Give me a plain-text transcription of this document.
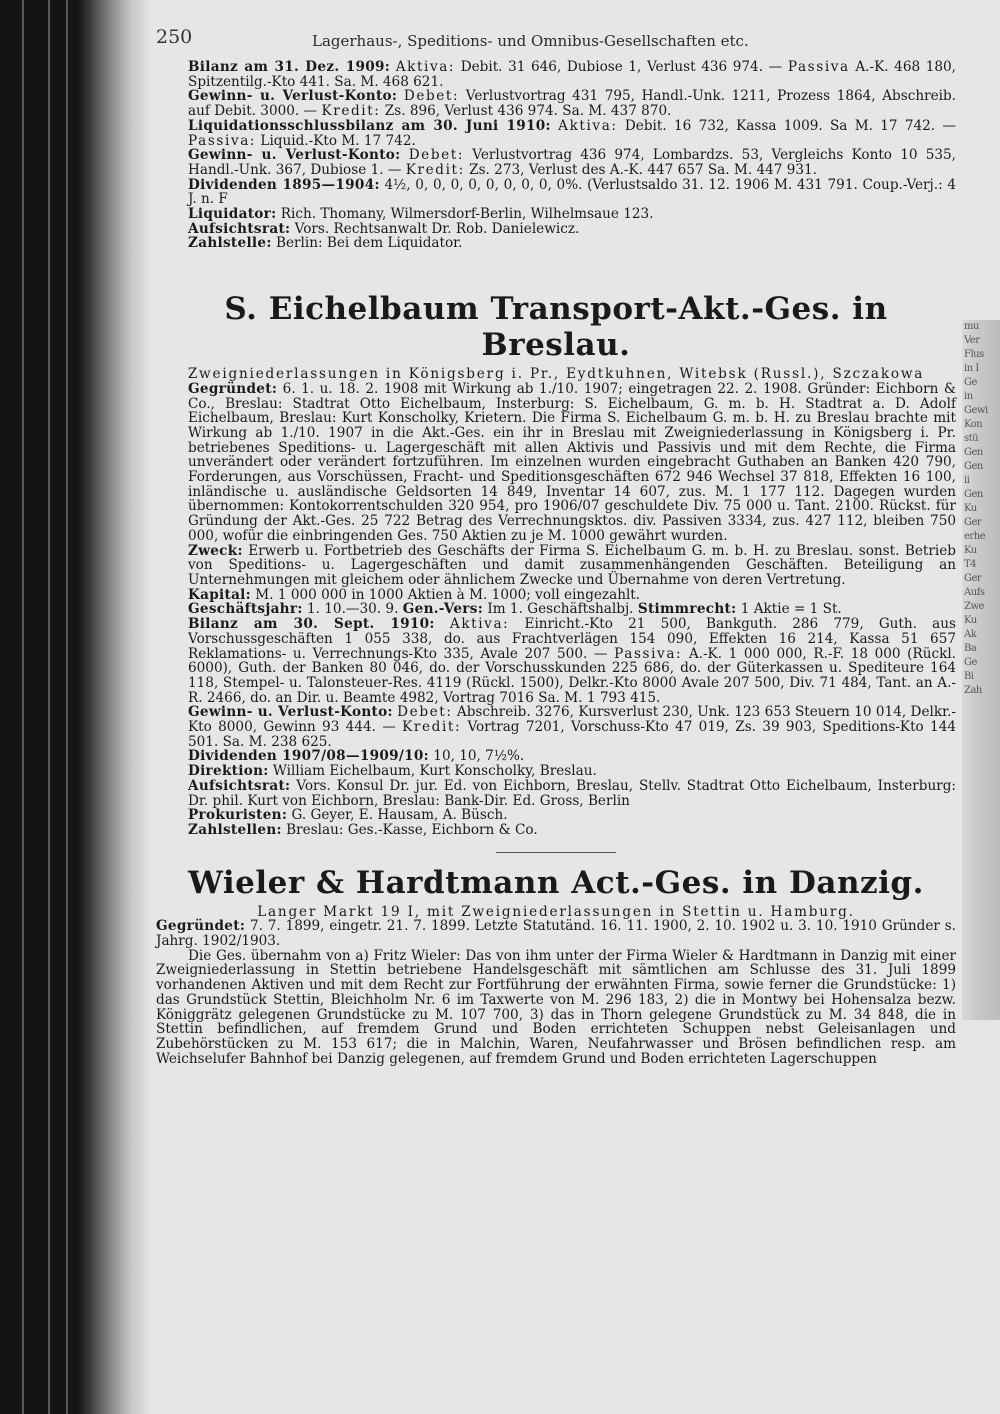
mu
Ver
Flus
in I
Ge
in
Gewi
Kon
stü
Gen
Gen
ii
Gen
Ku
Ger
erhe
Ku
T4
Ger
Aufs
Zwe
Ku
Ak
Ba
Ge
Bi
Zah
250	Lagerhaus-, Speditions- und Omnibus-Gesellschaften etc.

Bilanz am 31. Dez. 1909: Aktiva: Debit. 31 646, Dubiose 1, Verlust 436 974. — Passiva A.-K. 468 180, Spitzentilg.-Kto 441. Sa. M. 468 621.

Gewinn- u. Verlust-Konto: Debet: Verlustvortrag 431 795, Handl.-Unk. 1211, Prozess 1864, Abschreib. auf Debit. 3000. — Kredit: Zs. 896, Verlust 436 974. Sa. M. 437 870.

Liquidationsschlussbilanz am 30. Juni 1910: Aktiva: Debit. 16 732, Kassa 1009. Sa M. 17 742. — Passiva: Liquid.-Kto M. 17 742.

Gewinn- u. Verlust-Konto: Debet: Verlustvortrag 436 974, Lombardzs. 53, Vergleichs Konto 10 535, Handl.-Unk. 367, Dubiose 1. — Kredit: Zs. 273, Verlust des A.-K. 447 657 Sa. M. 447 931.

Dividenden 1895—1904: 4½, 0, 0, 0, 0, 0, 0, 0, 0, 0%. (Verlustsaldo 31. 12. 1906 M. 431 791. Coup.-Verj.: 4 J. n. F

Liquidator: Rich. Thomany, Wilmersdorf-Berlin, Wilhelmsaue 123.

Aufsichtsrat: Vors. Rechtsanwalt Dr. Rob. Danielewicz.

Zahlstelle: Berlin: Bei dem Liquidator.

S. Eichelbaum Transport-Akt.-Ges. in Breslau.

Zweigniederlassungen in Königsberg i. Pr., Eydtkuhnen, Witebsk (Russl.), Szczakowa

Gegründet: 6. 1. u. 18. 2. 1908 mit Wirkung ab 1./10. 1907; eingetragen 22. 2. 1908. Gründer: Eichborn & Co., Breslau: Stadtrat Otto Eichelbaum, Insterburg: S. Eichelbaum, G. m. b. H. Stadtrat a. D. Adolf Eichelbaum, Breslau: Kurt Konscholky, Krietern. Die Firma S. Eichelbaum G. m. b. H. zu Breslau brachte mit Wirkung ab 1./10. 1907 in die Akt.-Ges. ein ihr in Breslau mit Zweigniederlassung in Königsberg i. Pr. betriebenes Speditions- u. Lagergeschäft mit allen Aktivis und Passivis und mit dem Rechte, die Firma unverändert oder verändert fortzuführen. Im einzelnen wurden eingebracht Guthaben an Banken 420 790, Forderungen, aus Vorschüssen, Fracht- und Speditionsgeschäften 672 946 Wechsel 37 818, Effekten 16 100, inländische u. ausländische Geldsorten 14 849, Inventar 14 607, zus. M. 1 177 112. Dagegen wurden übernommen: Kontokorrentschulden 320 954, pro 1906/07 geschuldete Div. 75 000 u. Tant. 2100. Rückst. für Gründung der Akt.-Ges. 25 722 Betrag des Verrechnungsktos. div. Passiven 3334, zus. 427 112, bleiben 750 000, wofür die einbringenden Ges. 750 Aktien zu je M. 1000 gewährt wurden.

Zweck: Erwerb u. Fortbetrieb des Geschäfts der Firma S. Eichelbaum G. m. b. H. zu Breslau. sonst. Betrieb von Speditions- u. Lagergeschäften und damit zusammenhängenden Geschäften. Beteiligung an Unternehmungen mit gleichem oder ähnlichem Zwecke und Übernahme von deren Vertretung.

Kapital: M. 1 000 000 in 1000 Aktien à M. 1000; voll eingezahlt.

Geschäftsjahr: 1. 10.—30. 9. Gen.-Vers: Im 1. Geschäftshalbj. Stimmrecht: 1 Aktie = 1 St.

Bilanz am 30. Sept. 1910: Aktiva: Einricht.-Kto 21 500, Bankguth. 286 779, Guth. aus Vorschussgeschäften 1 055 338, do. aus Frachtverlägen 154 090, Effekten 16 214, Kassa 51 657 Reklamations- u. Verrechnungs-Kto 335, Avale 207 500. — Passiva: A.-K. 1 000 000, R.-F. 18 000 (Rückl. 6000), Guth. der Banken 80 046, do. der Vorschusskunden 225 686, do. der Güterkassen u. Spediteure 164 118, Stempel- u. Talonsteuer-Res. 4119 (Rückl. 1500), Delkr.-Kto 8000 Avale 207 500, Div. 71 484, Tant. an A.-R. 2466, do. an Dir. u. Beamte 4982, Vortrag 7016 Sa. M. 1 793 415.

Gewinn- u. Verlust-Konto: Debet: Abschreib. 3276, Kursverlust 230, Unk. 123 653 Steuern 10 014, Delkr.-Kto 8000, Gewinn 93 444. — Kredit: Vortrag 7201, Vorschuss-Kto 47 019, Zs. 39 903, Speditions-Kto 144 501. Sa. M. 238 625.

Dividenden 1907/08—1909/10: 10, 10, 7½%.

Direktion: William Eichelbaum, Kurt Konscholky, Breslau.

Aufsichtsrat: Vors. Konsul Dr. jur. Ed. von Eichborn, Breslau, Stellv. Stadtrat Otto Eichelbaum, Insterburg: Dr. phil. Kurt von Eichborn, Breslau: Bank-Dir. Ed. Gross, Berlin

Prokuristen: G. Geyer, E. Hausam, A. Büsch.

Zahlstellen: Breslau: Ges.-Kasse, Eichborn & Co.

Wieler & Hardtmann Act.-Ges. in Danzig.

Langer Markt 19 I, mit Zweigniederlassungen in Stettin u. Hamburg.

Gegründet: 7. 7. 1899, eingetr. 21. 7. 1899. Letzte Statutänd. 16. 11. 1900, 2. 10. 1902 u. 3. 10. 1910 Gründer s. Jahrg. 1902/1903.

Die Ges. übernahm von a) Fritz Wieler: Das von ihm unter der Firma Wieler & Hardtmann in Danzig mit einer Zweigniederlassung in Stettin betriebene Handelsgeschäft mit sämtlichen am Schlusse des 31. Juli 1899 vorhandenen Aktiven und mit dem Recht zur Fortführung der erwähnten Firma, sowie ferner die Grundstücke: 1) das Grundstück Stettin, Bleichholm Nr. 6 im Taxwerte von M. 296 183, 2) die in Montwy bei Hohensalza bezw. Königgrätz gelegenen Grundstücke zu M. 107 700, 3) das in Thorn gelegene Grundstück zu M. 34 848, die in Stettin befindlichen, auf fremdem Grund und Boden errichteten Schuppen nebst Geleisanlagen und Zubehörstücken zu M. 153 617; die in Malchin, Waren, Neufahrwasser und Brösen befindlichen resp. am Weichselufer Bahnhof bei Danzig gelegenen, auf fremdem Grund und Boden errichteten Lagerschuppen
